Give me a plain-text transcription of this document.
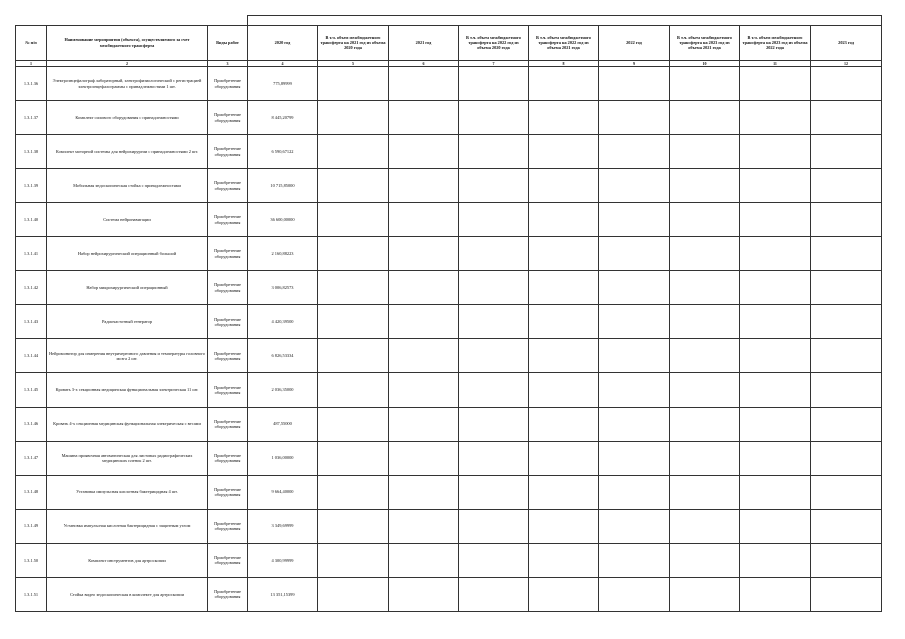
№ п/п	Наименование мероприятия (объекта), осуществляемого за счет межбюджетного трансферта	Виды работ	2020 год	В т.ч. объем межбюджетного трансферта на 2021 год из объема 2020 года	2021 год	В т.ч. объем межбюджетного трансферта на 2022 год из объема 2020 года	В т.ч. объем межбюджетного трансферта на 2022 год из объема 2021 года	2022 год	В т.ч. объем межбюджетного трансферта на 2023 год из объема 2021 года	В т.ч. объем межбюджетного трансферта на 2023 год из объема 2022 года	2023 год
1	2	3	4	5	6	7	8	9	10	11	12
1.3.1.36	Электроэнцефалограф лабораторный, электрофизиологический с регистрацией электроэнцефалограммы с принадлежностями 1 шт.	Приобретение оборудования	775,89999								
1.3.1.37	Комплект силового оборудования с принадлежностями	Приобретение оборудования	8 445,20799								
1.3.1.38	Комплект моторной системы для нейрохирургии с принадлежностями 2 шт.	Приобретение оборудования	6 590,67122								
1.3.1.39	Мобильная эндоскопическая стойка с принадлежностями	Приобретение оборудования	10 715,85000								
1.3.1.40	Система нейронавигации	Приобретение оборудования	36 600,00000								
1.3.1.41	Набор нейрохирургический операционный большой	Приобретение оборудования	2 160,88223								
1.3.1.42	Набор микрохирургический операционный	Приобретение оборудования	3 006,82573								
1.3.1.43	Радиочастотный генератор	Приобретение оборудования	4 420,39500								
1.3.1.44	Нейромонитор для измерения внутричерепного давления и температуры головного мозга 2 шт.	Приобретение оборудования	6 826,53334								
1.3.1.45	Кровать 3-х секционная медицинская функциональная электрическая 11 шт.	Приобретение оборудования	2 036,35000								
1.3.1.46	Кровать 4-х секционная медицинская функциональная электрическая с весами	Приобретение оборудования	487,55000								
1.3.1.47	Машина проявочная автоматическая для листовых радиографических медицинских пленок 2 шт.	Приобретение оборудования	1 036,00000								
1.3.1.48	Установка импульсная кислотная бактерицидная 4 шт.	Приобретение оборудования	9 664,40000								
1.3.1.49	Установка импульсная кислотная бактерицидная с защитным углом	Приобретение оборудования	3 349,69999								
1.3.1.50	Комплект инструментов для артроскопии	Приобретение оборудования	4 300,99999								
1.3.1.51	Стойка видео эндоскопическая в комплекте для артроскопии	Приобретение оборудования	13 351,15399								
